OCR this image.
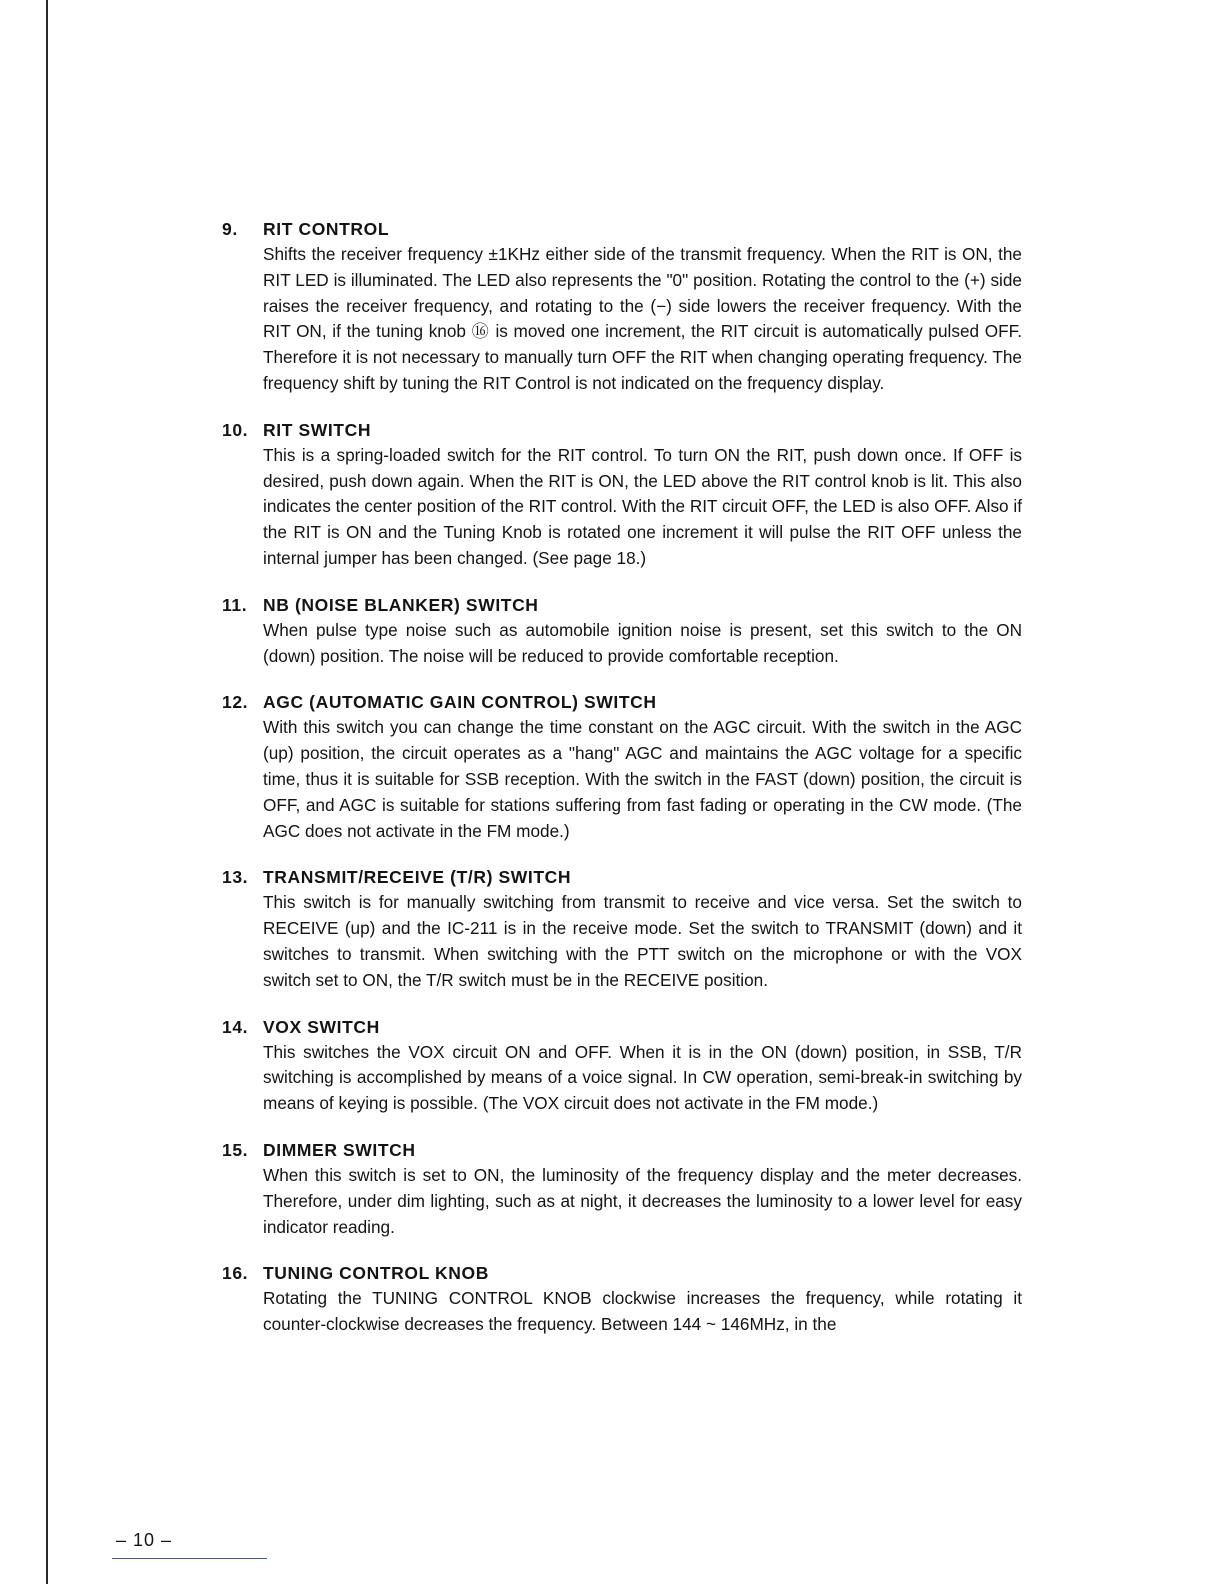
9.	RIT CONTROL
Shifts the receiver frequency ±1KHz either side of the transmit frequency. When the RIT is ON, the RIT LED is illuminated. The LED also represents the "0" position. Rotating the control to the (+) side raises the receiver frequency, and rotating to the (−) side lowers the receiver frequency. With the RIT ON, if the tuning knob ⑯ is moved one increment, the RIT circuit is automatically pulsed OFF. Therefore it is not necessary to manually turn OFF the RIT when changing operating frequency. The frequency shift by tuning the RIT Control is not indicated on the frequency display.
10. RIT SWITCH
This is a spring-loaded switch for the RIT control. To turn ON the RIT, push down once. If OFF is desired, push down again. When the RIT is ON, the LED above the RIT control knob is lit. This also indicates the center position of the RIT control. With the RIT circuit OFF, the LED is also OFF. Also if the RIT is ON and the Tuning Knob is rotated one increment it will pulse the RIT OFF unless the internal jumper has been changed. (See page 18.)
11. NB (NOISE BLANKER) SWITCH
When pulse type noise such as automobile ignition noise is present, set this switch to the ON (down) position. The noise will be reduced to provide comfortable reception.
12. AGC (AUTOMATIC GAIN CONTROL) SWITCH
With this switch you can change the time constant on the AGC circuit. With the switch in the AGC (up) position, the circuit operates as a "hang" AGC and maintains the AGC voltage for a specific time, thus it is suitable for SSB reception. With the switch in the FAST (down) position, the circuit is OFF, and AGC is suitable for stations suffering from fast fading or operating in the CW mode. (The AGC does not activate in the FM mode.)
13. TRANSMIT/RECEIVE (T/R) SWITCH
This switch is for manually switching from transmit to receive and vice versa. Set the switch to RECEIVE (up) and the IC-211 is in the receive mode. Set the switch to TRANSMIT (down) and it switches to transmit. When switching with the PTT switch on the microphone or with the VOX switch set to ON, the T/R switch must be in the RECEIVE position.
14. VOX SWITCH
This switches the VOX circuit ON and OFF. When it is in the ON (down) position, in SSB, T/R switching is accomplished by means of a voice signal. In CW operation, semi-break-in switching by means of keying is possible. (The VOX circuit does not activate in the FM mode.)
15. DIMMER SWITCH
When this switch is set to ON, the luminosity of the frequency display and the meter decreases. Therefore, under dim lighting, such as at night, it decreases the luminosity to a lower level for easy indicator reading.
16. TUNING CONTROL KNOB
Rotating the TUNING CONTROL KNOB clockwise increases the frequency, while rotating it counter-clockwise decreases the frequency. Between 144 ~ 146MHz, in the
– 10 –
